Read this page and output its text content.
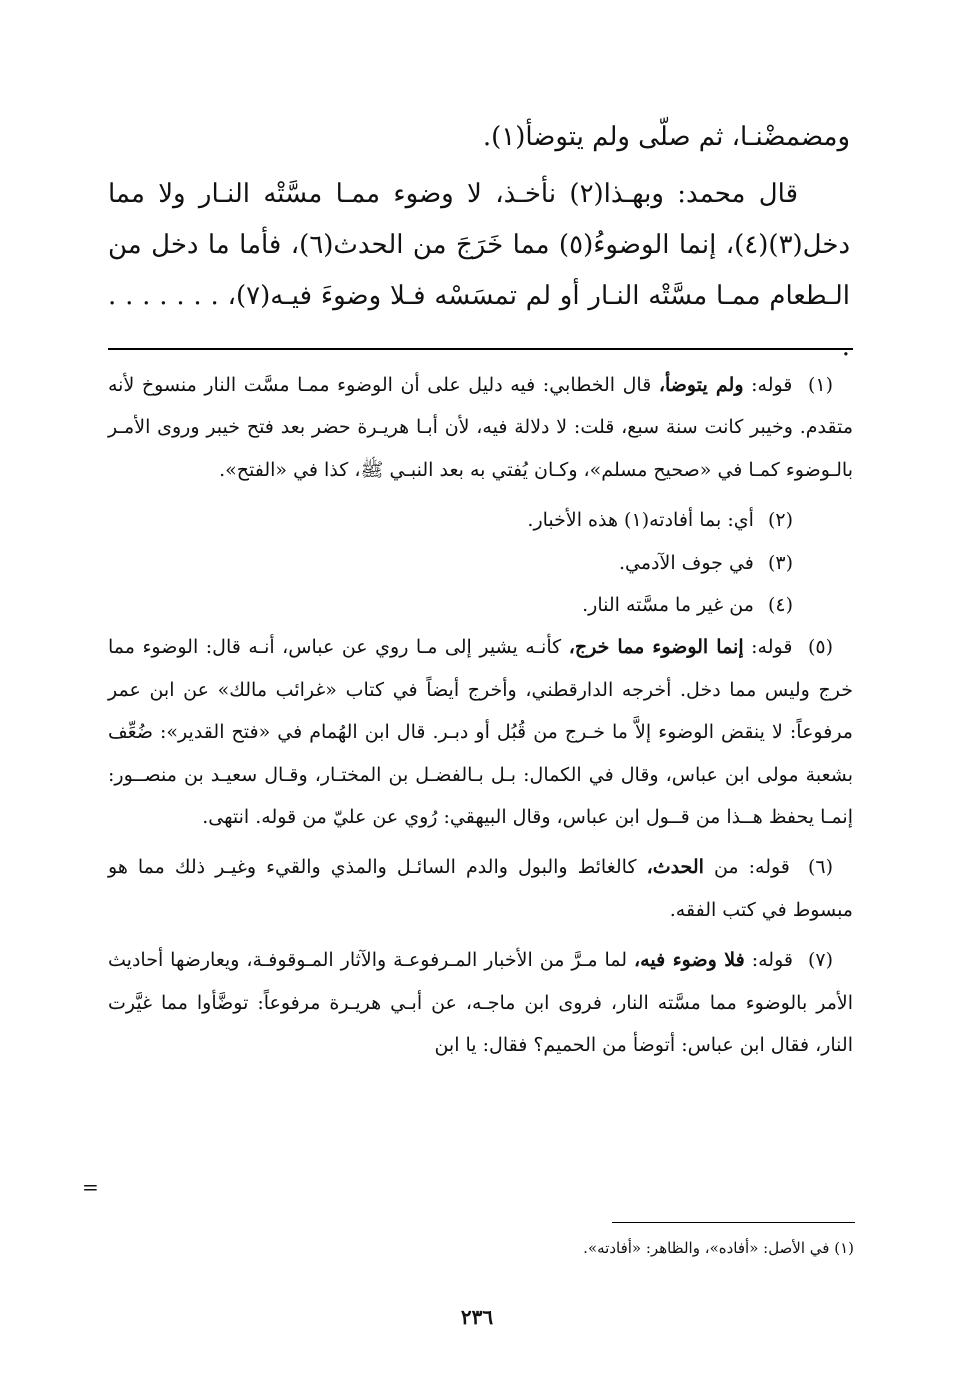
ومضمضْنـا، ثم صلّى ولم يتوضأ(١).

قال محمد: وبهـذا(٢) نأخـذ، لا وضوء ممـا مسَّتْه النـار ولا مما دخل(٣)(٤)، إنما الوضوءُ(٥) مما خَرَجَ من الحدث(٦)، فأما ما دخل من الـطعام ممـا مسَّتْه النـار أو لم تمسَسْه فـلا وضوءَ فيـه(٧)، . . . . . . . .

(١) قوله: ولم يتوضأ، قال الخطابي: فيه دليل على أن الوضوء ممـا مسَّت النار منسوخ لأنه متقدم. وخيبر كانت سنة سبع، قلت: لا دلالة فيه، لأن أبـا هريـرة حضر بعد فتح خيبر وروى الأمـر بالـوضوء كمـا في «صحيح مسلم»، وكـان يُفتي به بعد النبـي ﷺ، كذا في «الفتح».

(٢) أي: بما أفادته(١) هذه الأخبار.

(٣) في جوف الآدمي.

(٤) من غير ما مسَّته النار.

(٥) قوله: إنما الوضوء مما خرج، كأنـه يشير إلى مـا روي عن عباس، أنـه قال: الوضوء مما خرج وليس مما دخل. أخرجه الدارقطني، وأخرج أيضاً في كتاب «غرائب مالك» عن ابن عمر مرفوعاً: لا ينقض الوضوء إلاَّ ما خـرج من قُبُل أو دبـر. قال ابن الهُمام في «فتح القدير»: ضُعِّف بشعبة مولى ابن عباس، وقال في الكمال: بـل بـالفضـل بن المختـار، وقـال سعيـد بن منصــور: إنمـا يحفظ هــذا من قــول ابن عباس، وقال البيهقي: رُوي عن عليّ من قوله. انتهى.

(٦) قوله: من الحدث، كالغائط والبول والدم السائـل والمذي والقيء وغيـر ذلك مما هو مبسوط في كتب الفقه.

(٧) قوله: فلا وضوء فيه، لما مـرَّ من الأخبار المـرفوعـة والآثار المـوقوفـة، ويعارضها أحاديث الأمر بالوضوء مما مسَّته النار، فروى ابن ماجـه، عن أبـي هريـرة مرفوعاً: توضَّأوا مما غيَّرت النار، فقال ابن عباس: أتوضأ من الحميم؟ فقال: يا ابن

=
(١) في الأصل: «أفاده»، والظاهر: «أفادته».
٢٣٦
